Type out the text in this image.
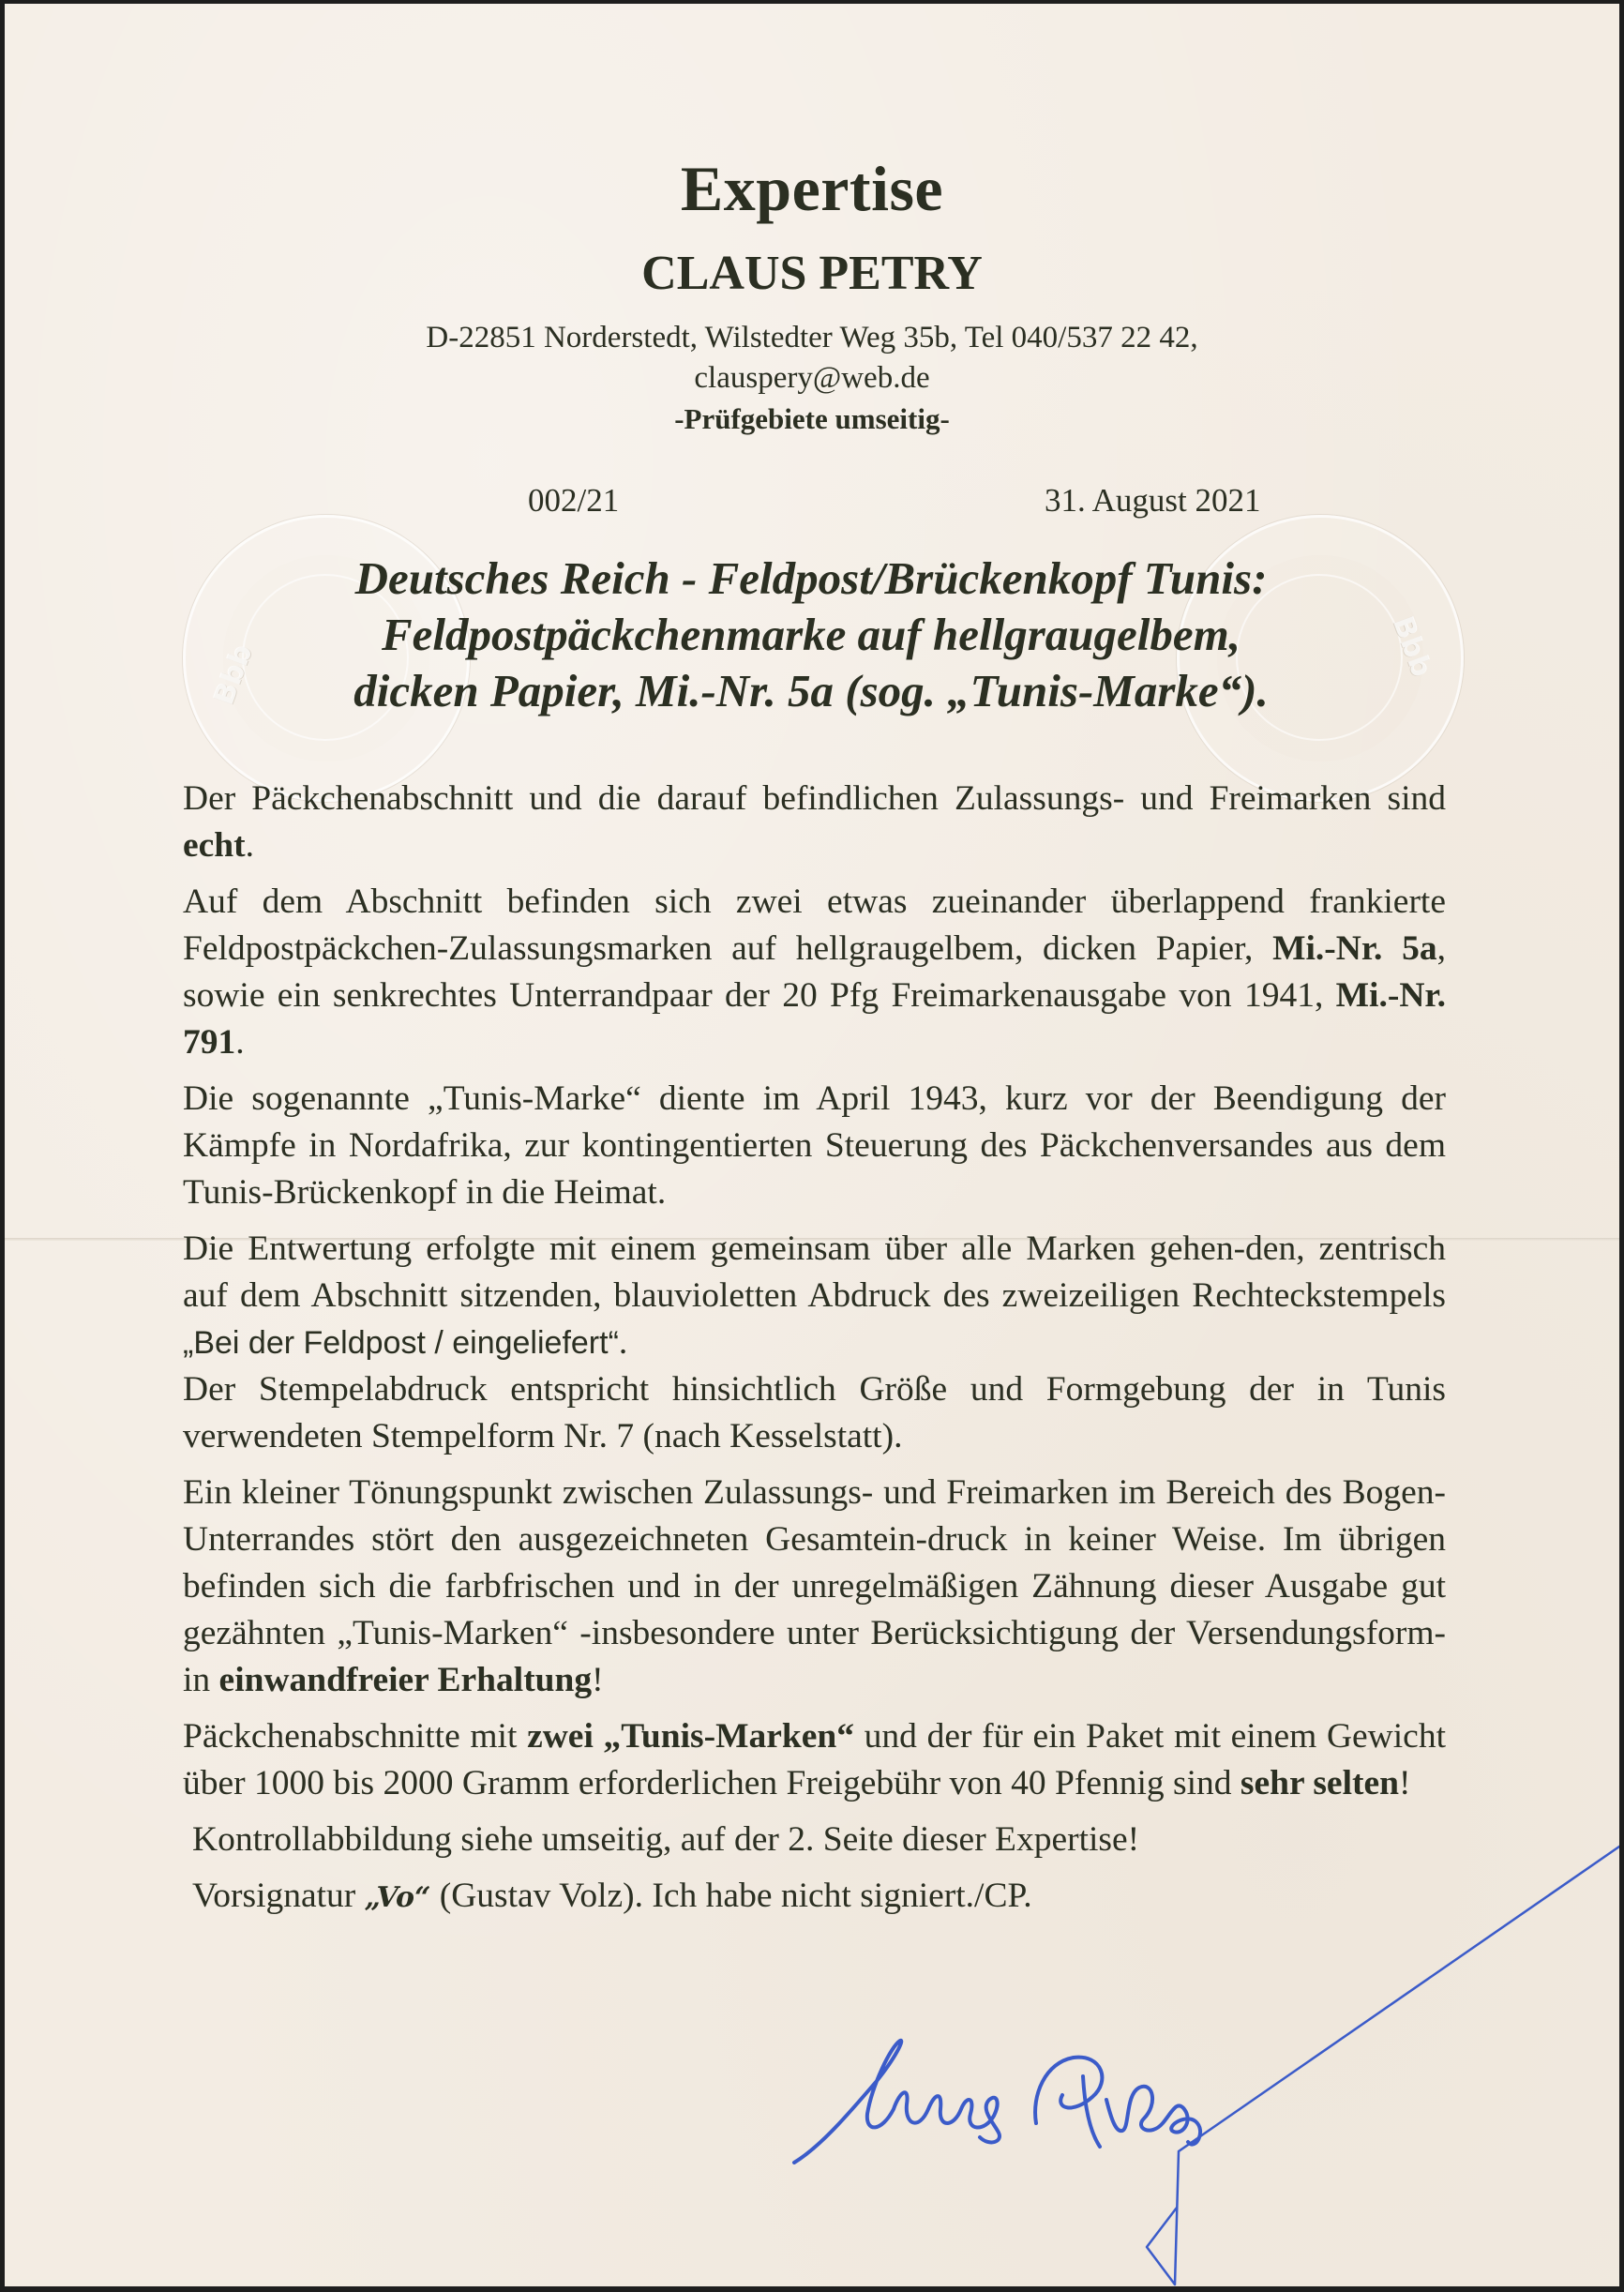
Bbb	Bbb
Expertise
CLAUS PETRY
D-22851 Norderstedt, Wilstedter Weg 35b, Tel 040/537 22 42,
clauspery@web.de
-Prüfgebiete umseitig-
002/21	31. August 2021
Deutsches Reich - Feldpost/Brückenkopf Tunis:
Feldpostpäckchenmarke auf hellgraugelbem,
dicken Papier, Mi.-Nr. 5a (sog. „Tunis-Marke“).

Der Päckchenabschnitt und die darauf befindlichen Zulassungs- und Freimarken sind echt.

Auf dem Abschnitt befinden sich zwei etwas zueinander überlappend frankierte Feldpostpäckchen-Zulassungsmarken auf hellgraugelbem, dicken Papier, Mi.-Nr. 5a, sowie ein senkrechtes Unterrandpaar der 20 Pfg Freimarkenausgabe von 1941, Mi.-Nr. 791.

Die sogenannte „Tunis-Marke“ diente im April 1943, kurz vor der Beendigung der Kämpfe in Nordafrika, zur kontingentierten Steuerung des Päckchenversandes aus dem Tunis-Brückenkopf in die Heimat.

Die Entwertung erfolgte mit einem gemeinsam über alle Marken gehen-den, zentrisch auf dem Abschnitt sitzenden, blauvioletten Abdruck des zweizeiligen Rechteckstempels „Bei der Feldpost / eingeliefert“.

Der Stempelabdruck entspricht hinsichtlich Größe und Formgebung der in Tunis verwendeten Stempelform Nr. 7 (nach Kesselstatt).

Ein kleiner Tönungspunkt zwischen Zulassungs- und Freimarken im Bereich des Bogen-Unterrandes stört den ausgezeichneten Gesamtein-druck in keiner Weise. Im übrigen befinden sich die farbfrischen und in der unregelmäßigen Zähnung dieser Ausgabe gut gezähnten „Tunis-Marken“ -insbesondere unter Berücksichtigung der Versendungsform- in einwandfreier Erhaltung!

Päckchenabschnitte mit zwei „Tunis-Marken“ und der für ein Paket mit einem Gewicht über 1000 bis 2000 Gramm erforderlichen Freigebühr von 40 Pfennig sind sehr selten!

Kontrollabbildung siehe umseitig, auf der 2. Seite dieser Expertise!

Vorsignatur „Vo“ (Gustav Volz). Ich habe nicht signiert./CP.
